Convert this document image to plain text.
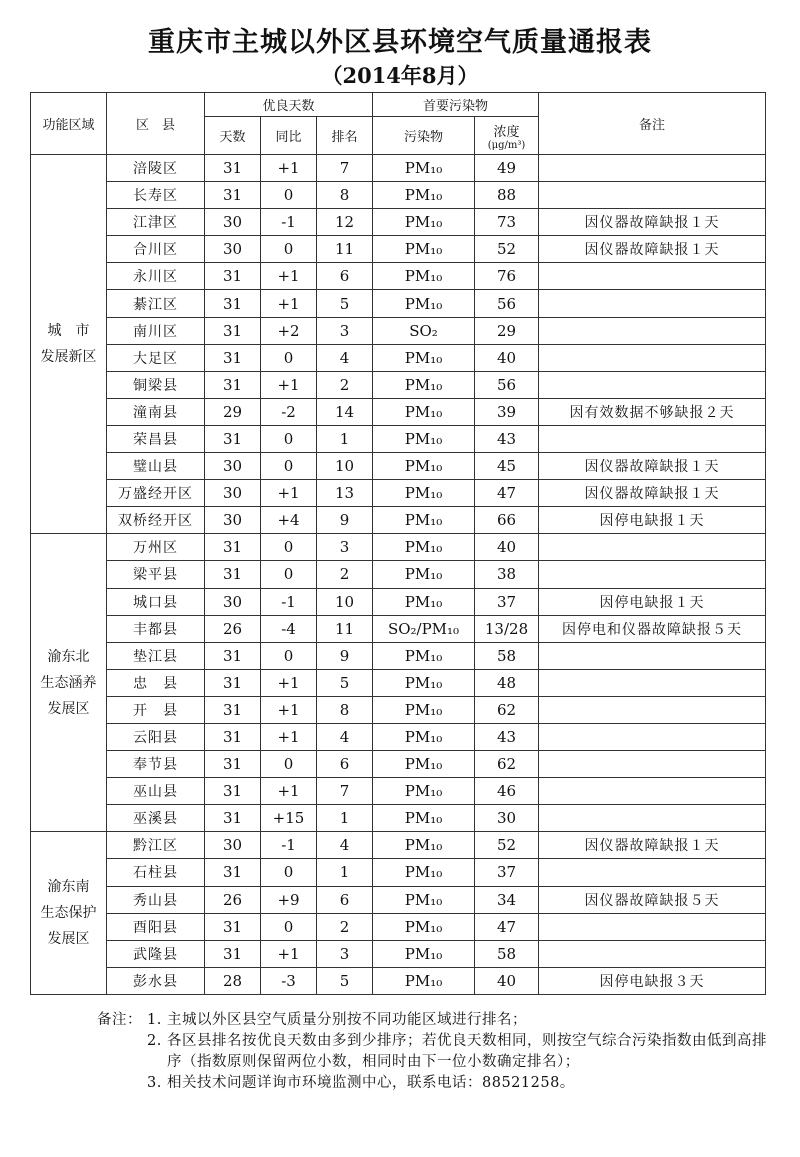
重庆市主城以外区县环境空气质量通报表
（2014年8月）
功能区域	区　县	优良天数			首要污染物		备注
		天数	同比	排名	污染物	浓度
(μg/m³)	

城　市
发展新区	涪陵区	31	+1	7	PM₁₀	49	
	长寿区	31	0	8	PM₁₀	88	
	江津区	30	-1	12	PM₁₀	73	因仪器故障缺报１天
	合川区	30	0	11	PM₁₀	52	因仪器故障缺报１天
	永川区	31	+1	6	PM₁₀	76	
	綦江区	31	+1	5	PM₁₀	56	
	南川区	31	+2	3	SO₂	29	
	大足区	31	0	4	PM₁₀	40	
	铜梁县	31	+1	2	PM₁₀	56	
	潼南县	29	-2	14	PM₁₀	39	因有效数据不够缺报２天
	荣昌县	31	0	1	PM₁₀	43	
	璧山县	30	0	10	PM₁₀	45	因仪器故障缺报１天
	万盛经开区	30	+1	13	PM₁₀	47	因仪器故障缺报１天
	双桥经开区	30	+4	9	PM₁₀	66	因停电缺报１天

渝东北
生态涵养
发展区	万州区	31	0	3	PM₁₀	40	
	梁平县	31	0	2	PM₁₀	38	
	城口县	30	-1	10	PM₁₀	37	因停电缺报１天
	丰都县	26	-4	11	SO₂/PM₁₀	13/28	因停电和仪器故障缺报５天
	垫江县	31	0	9	PM₁₀	58	
	忠　县	31	+1	5	PM₁₀	48	
	开　县	31	+1	8	PM₁₀	62	
	云阳县	31	+1	4	PM₁₀	43	
	奉节县	31	0	6	PM₁₀	62	
	巫山县	31	+1	7	PM₁₀	46	
	巫溪县	31	+15	1	PM₁₀	30	

渝东南
生态保护
发展区	黔江区	30	-1	4	PM₁₀	52	因仪器故障缺报１天
	石柱县	31	0	1	PM₁₀	37	
	秀山县	26	+9	6	PM₁₀	34	因仪器故障缺报５天
	酉阳县	31	0	2	PM₁₀	47	
	武隆县	31	+1	3	PM₁₀	58	
	彭水县	28	-3	5	PM₁₀	40	因停电缺报３天
备注： 1. 主城以外区县空气质量分别按不同功能区域进行排名；
2. 各区县排名按优良天数由多到少排序；若优良天数相同，则按空气综合污染指数由低到高排序（指数原则保留两位小数，相同时由下一位小数确定排名）；
3. 相关技术问题详询市环境监测中心，联系电话：88521258。
